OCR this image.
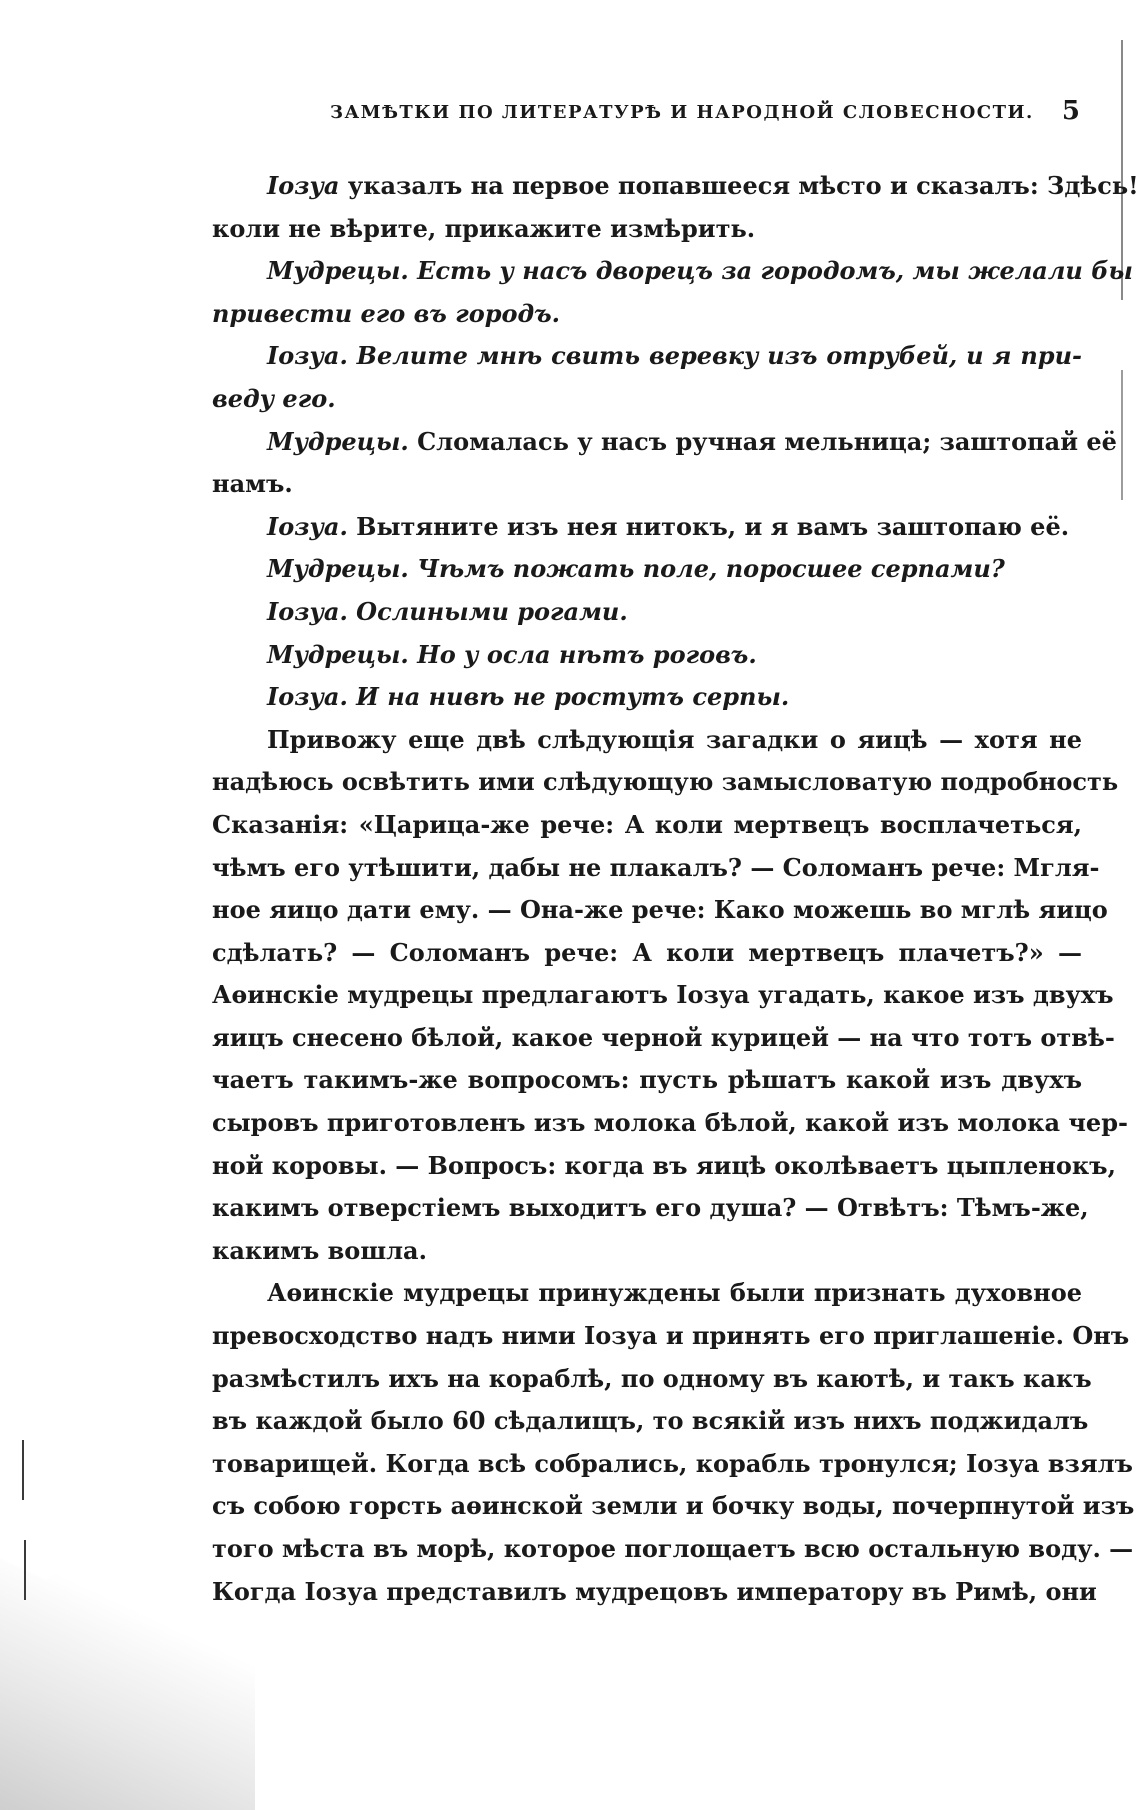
ЗАМѢТКИ ПО ЛИТЕРАТУРѢ И НАРОДНОЙ СЛОВЕСНОСТИ. 5
Іозуа указалъ на первое попавшееся мѣсто и сказалъ: Здѣсь!
коли не вѣрите, прикажите измѣрить.
Мудрецы. Есть у насъ дворецъ за городомъ, мы желали бы
привести его въ городъ.
Іозуа. Велите мнѣ свить веревку изъ отрубей, и я при-
веду его.
Мудрецы. Сломалась у насъ ручная мельница; заштопай её
намъ.
Іозуа. Вытяните изъ нея нитокъ, и я вамъ заштопаю её.
Мудрецы. Чѣмъ пожать поле, поросшее серпами?
Іозуа. Ослиными рогами.
Мудрецы. Но у осла нѣтъ роговъ.
Іозуа. И на нивѣ не ростутъ серпы.
Привожу еще двѣ слѣдующія загадки о яицѣ — хотя не
надѣюсь освѣтить ими слѣдующую замысловатую подробность
Сказанія: «Царица-же рече: А коли мертвецъ восплачеться,
чѣмъ его утѣшити, дабы не плакалъ? — Соломанъ рече: Мгля-
ное яицо дати ему. — Она-же рече: Како можешь во мглѣ яицо
сдѣлать? — Соломанъ рече: А коли мертвецъ плачетъ?» —
Аѳинскіе мудрецы предлагаютъ Іозуа угадать, какое изъ двухъ
яицъ снесено бѣлой, какое черной курицей — на что тотъ отвѣ-
чаетъ такимъ-же вопросомъ: пусть рѣшатъ какой изъ двухъ
сыровъ приготовленъ изъ молока бѣлой, какой изъ молока чер-
ной коровы. — Вопросъ: когда въ яицѣ околѣваетъ цыпленокъ,
какимъ отверстіемъ выходитъ его душа? — Отвѣтъ: Тѣмъ-же,
какимъ вошла.
Аѳинскіе мудрецы принуждены были признать духовное
превосходство надъ ними Іозуа и принять его приглашеніе. Онъ
размѣстилъ ихъ на кораблѣ, по одному въ каютѣ, и такъ какъ
въ каждой было 60 сѣдалищъ, то всякій изъ нихъ поджидалъ
товарищей. Когда всѣ собрались, корабль тронулся; Іозуа взялъ
съ собою горсть аѳинской земли и бочку воды, почерпнутой изъ
того мѣста въ морѣ, которое поглощаетъ всю остальную воду. —
Когда Іозуа представилъ мудрецовъ императору въ Римѣ, они
